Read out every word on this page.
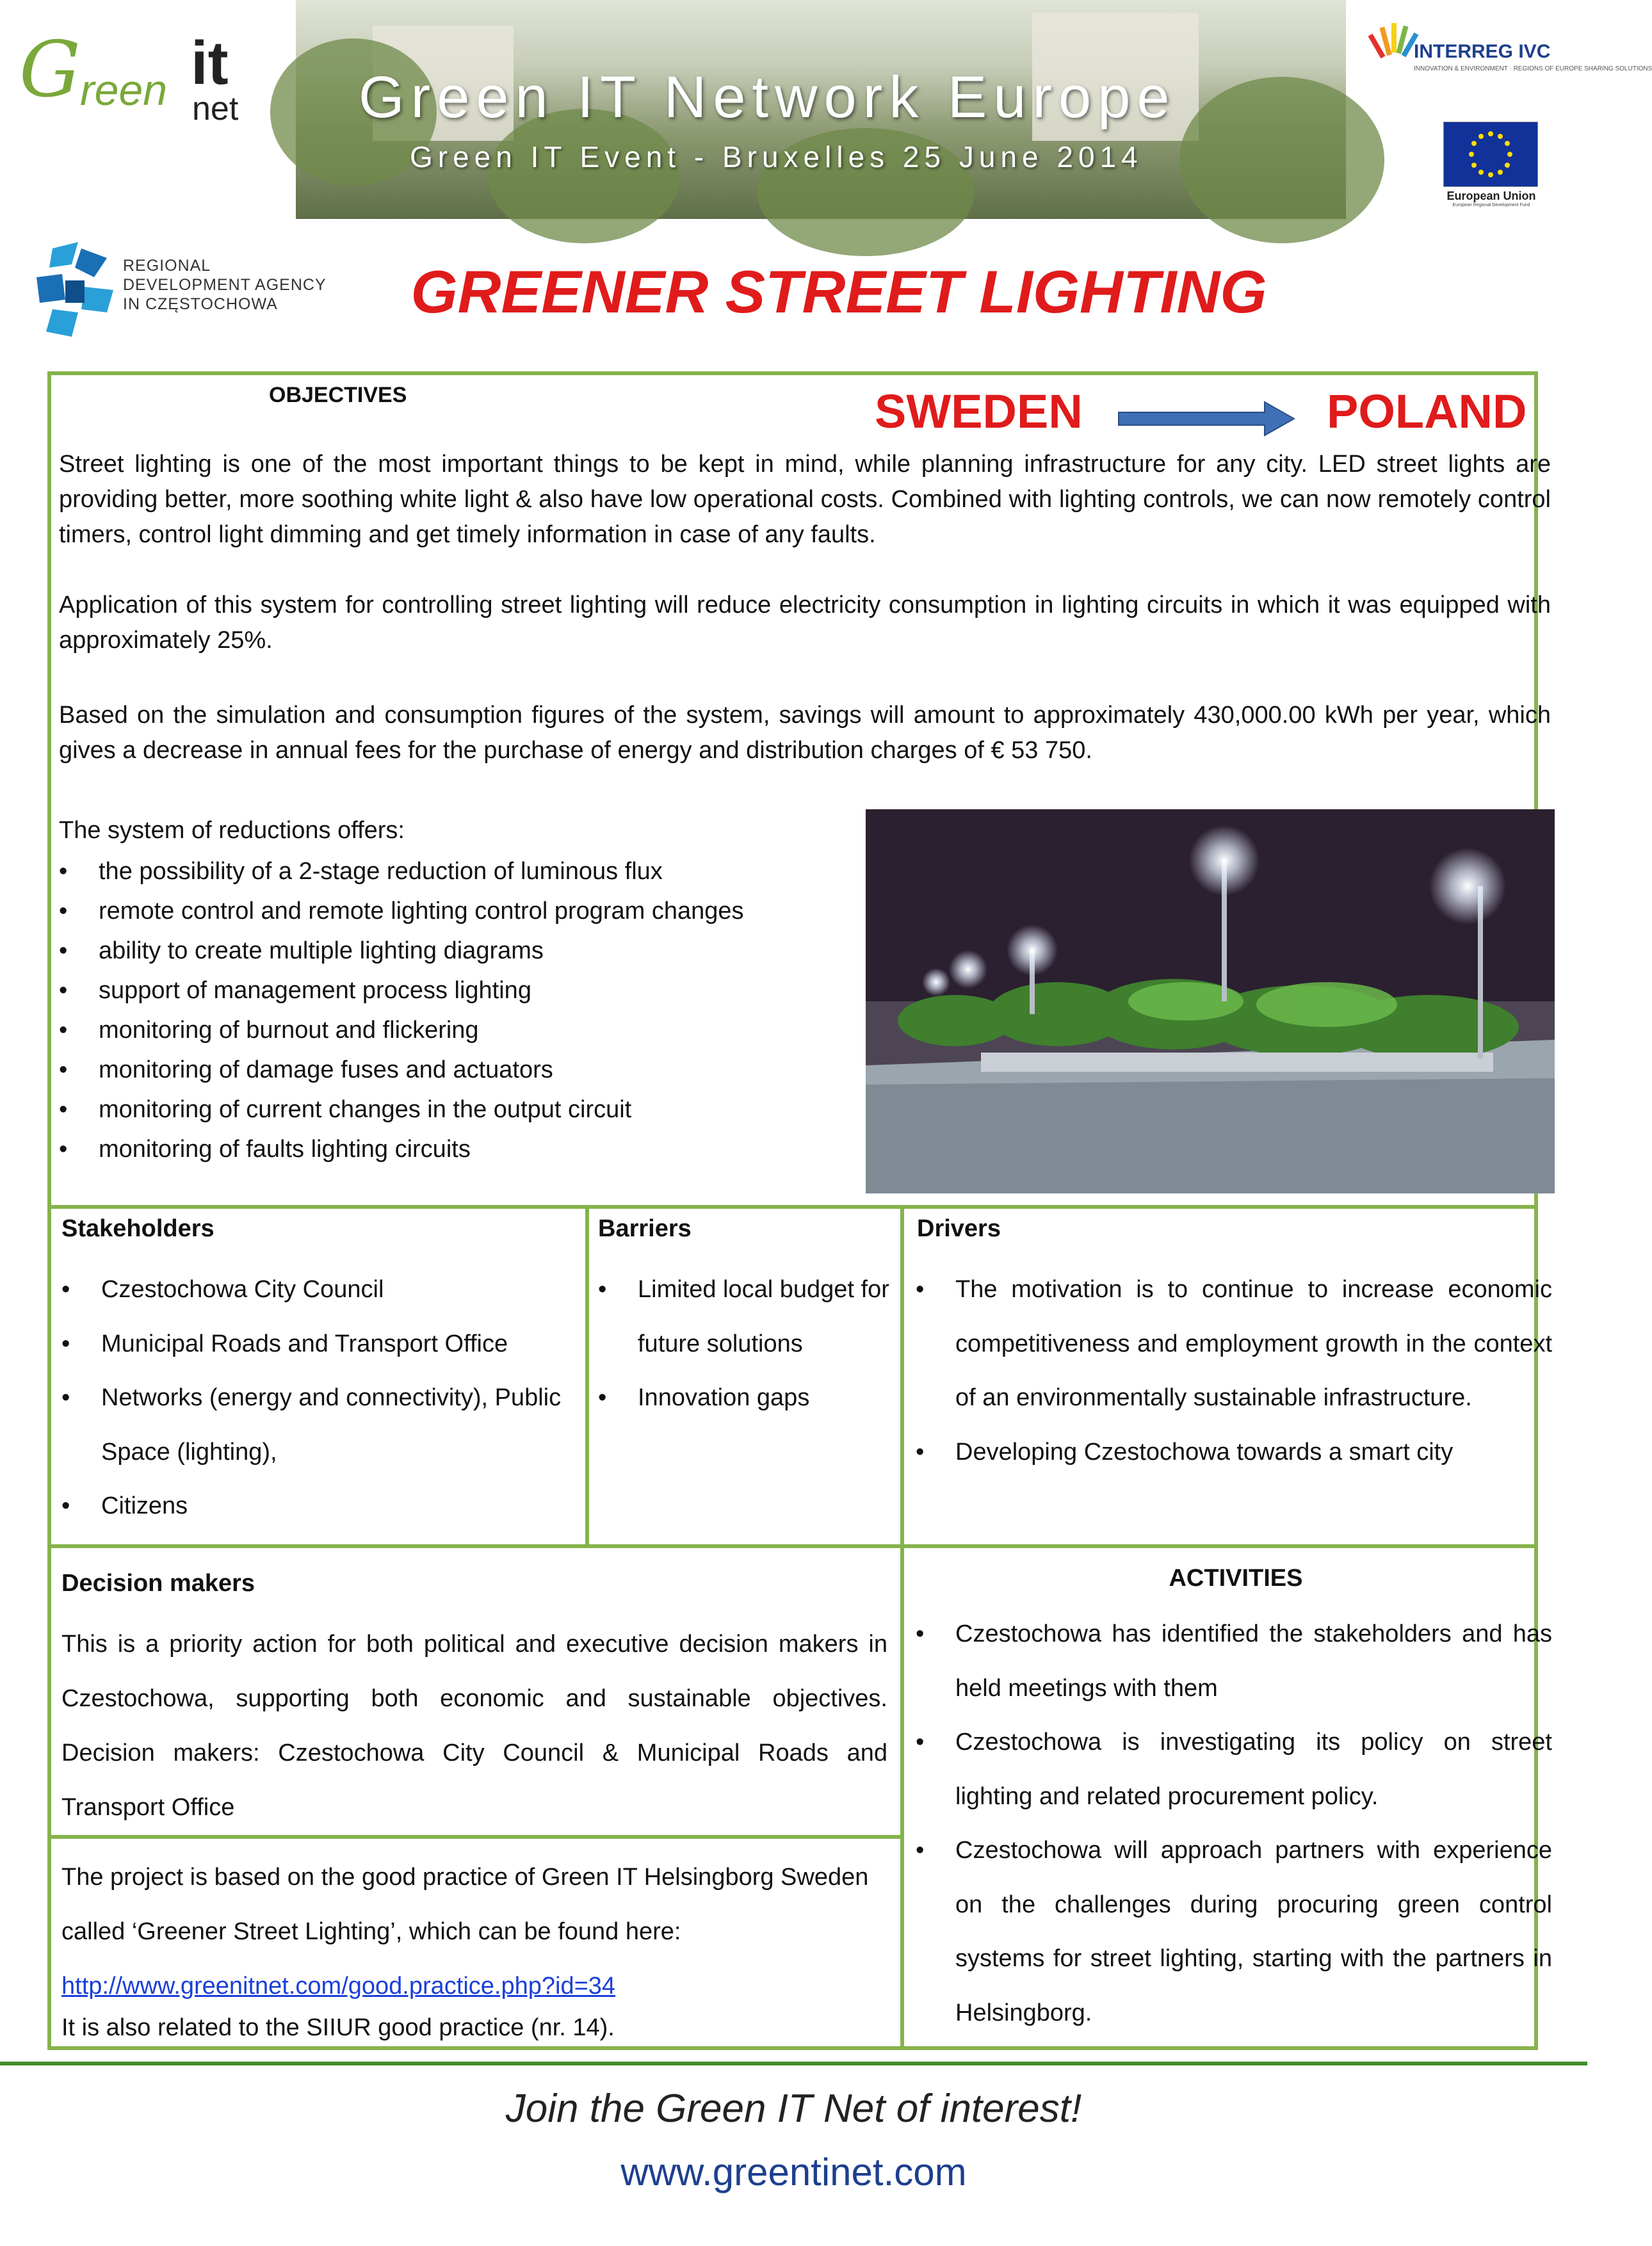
Green IT Network Europe
Green IT Event - Bruxelles 25 June 2014
G reen it
net
INTERREG IVC
INNOVATION & ENVIRONMENT · REGIONS OF EUROPE SHARING SOLUTIONS
European Union
European Regional Development Fund
REGIONAL
DEVELOPMENT AGENCY
IN CZĘSTOCHOWA	GREENER STREET LIGHTING
OBJECTIVES	SWEDEN	POLAND
Street lighting is one of the most important things to be kept in mind, while planning infrastructure for any city. LED street lights are providing better, more soothing white light & also have low operational costs. Combined with lighting controls, we can now remotely control timers, control light dimming and get timely information in case of any faults.
Application of this system for controlling street lighting will reduce electricity consumption in lighting circuits in which it was equipped with approximately 25%.
Based on the simulation and consumption figures of the system, savings will amount to approximately 430,000.00 kWh per year, which gives a decrease in annual fees for the purchase of energy and distribution charges of € 53 750.
The system of reductions offers:
• the possibility of a 2-stage reduction of luminous flux
• remote control and remote lighting control program changes
• ability to create multiple lighting diagrams
• support of management process lighting
• monitoring of burnout and flickering
• monitoring of damage fuses and actuators
• monitoring of current changes in the output circuit
• monitoring of faults lighting circuits
Stakeholders
• Czestochowa City Council
• Municipal Roads and Transport Office
• Networks (energy and connectivity), Public Space (lighting),
• Citizens
Barriers
• Limited local budget for future solutions
• Innovation gaps
Drivers
• The motivation is to continue to increase economic competitiveness and employment growth in the context of an environmentally sustainable infrastructure.
• Developing Czestochowa towards a smart city
Decision makers
This is a priority action for both political and executive decision makers in Czestochowa, supporting both economic and sustainable objectives. Decision makers: Czestochowa City Council & Municipal Roads and Transport Office
The project is based on the good practice of Green IT Helsingborg Sweden called ‘Greener Street Lighting’, which can be found here:
http://www.greenitnet.com/good.practice.php?id=34
It is also related to the SIIUR good practice (nr. 14).
ACTIVITIES
• Czestochowa has identified the stakeholders and has held meetings with them
• Czestochowa is investigating its policy on street lighting and related procurement policy.
• Czestochowa will approach partners with experience on the challenges during procuring green control systems for street lighting, starting with the partners in Helsingborg.
Join the Green IT Net of interest!
www.greentinet.com
